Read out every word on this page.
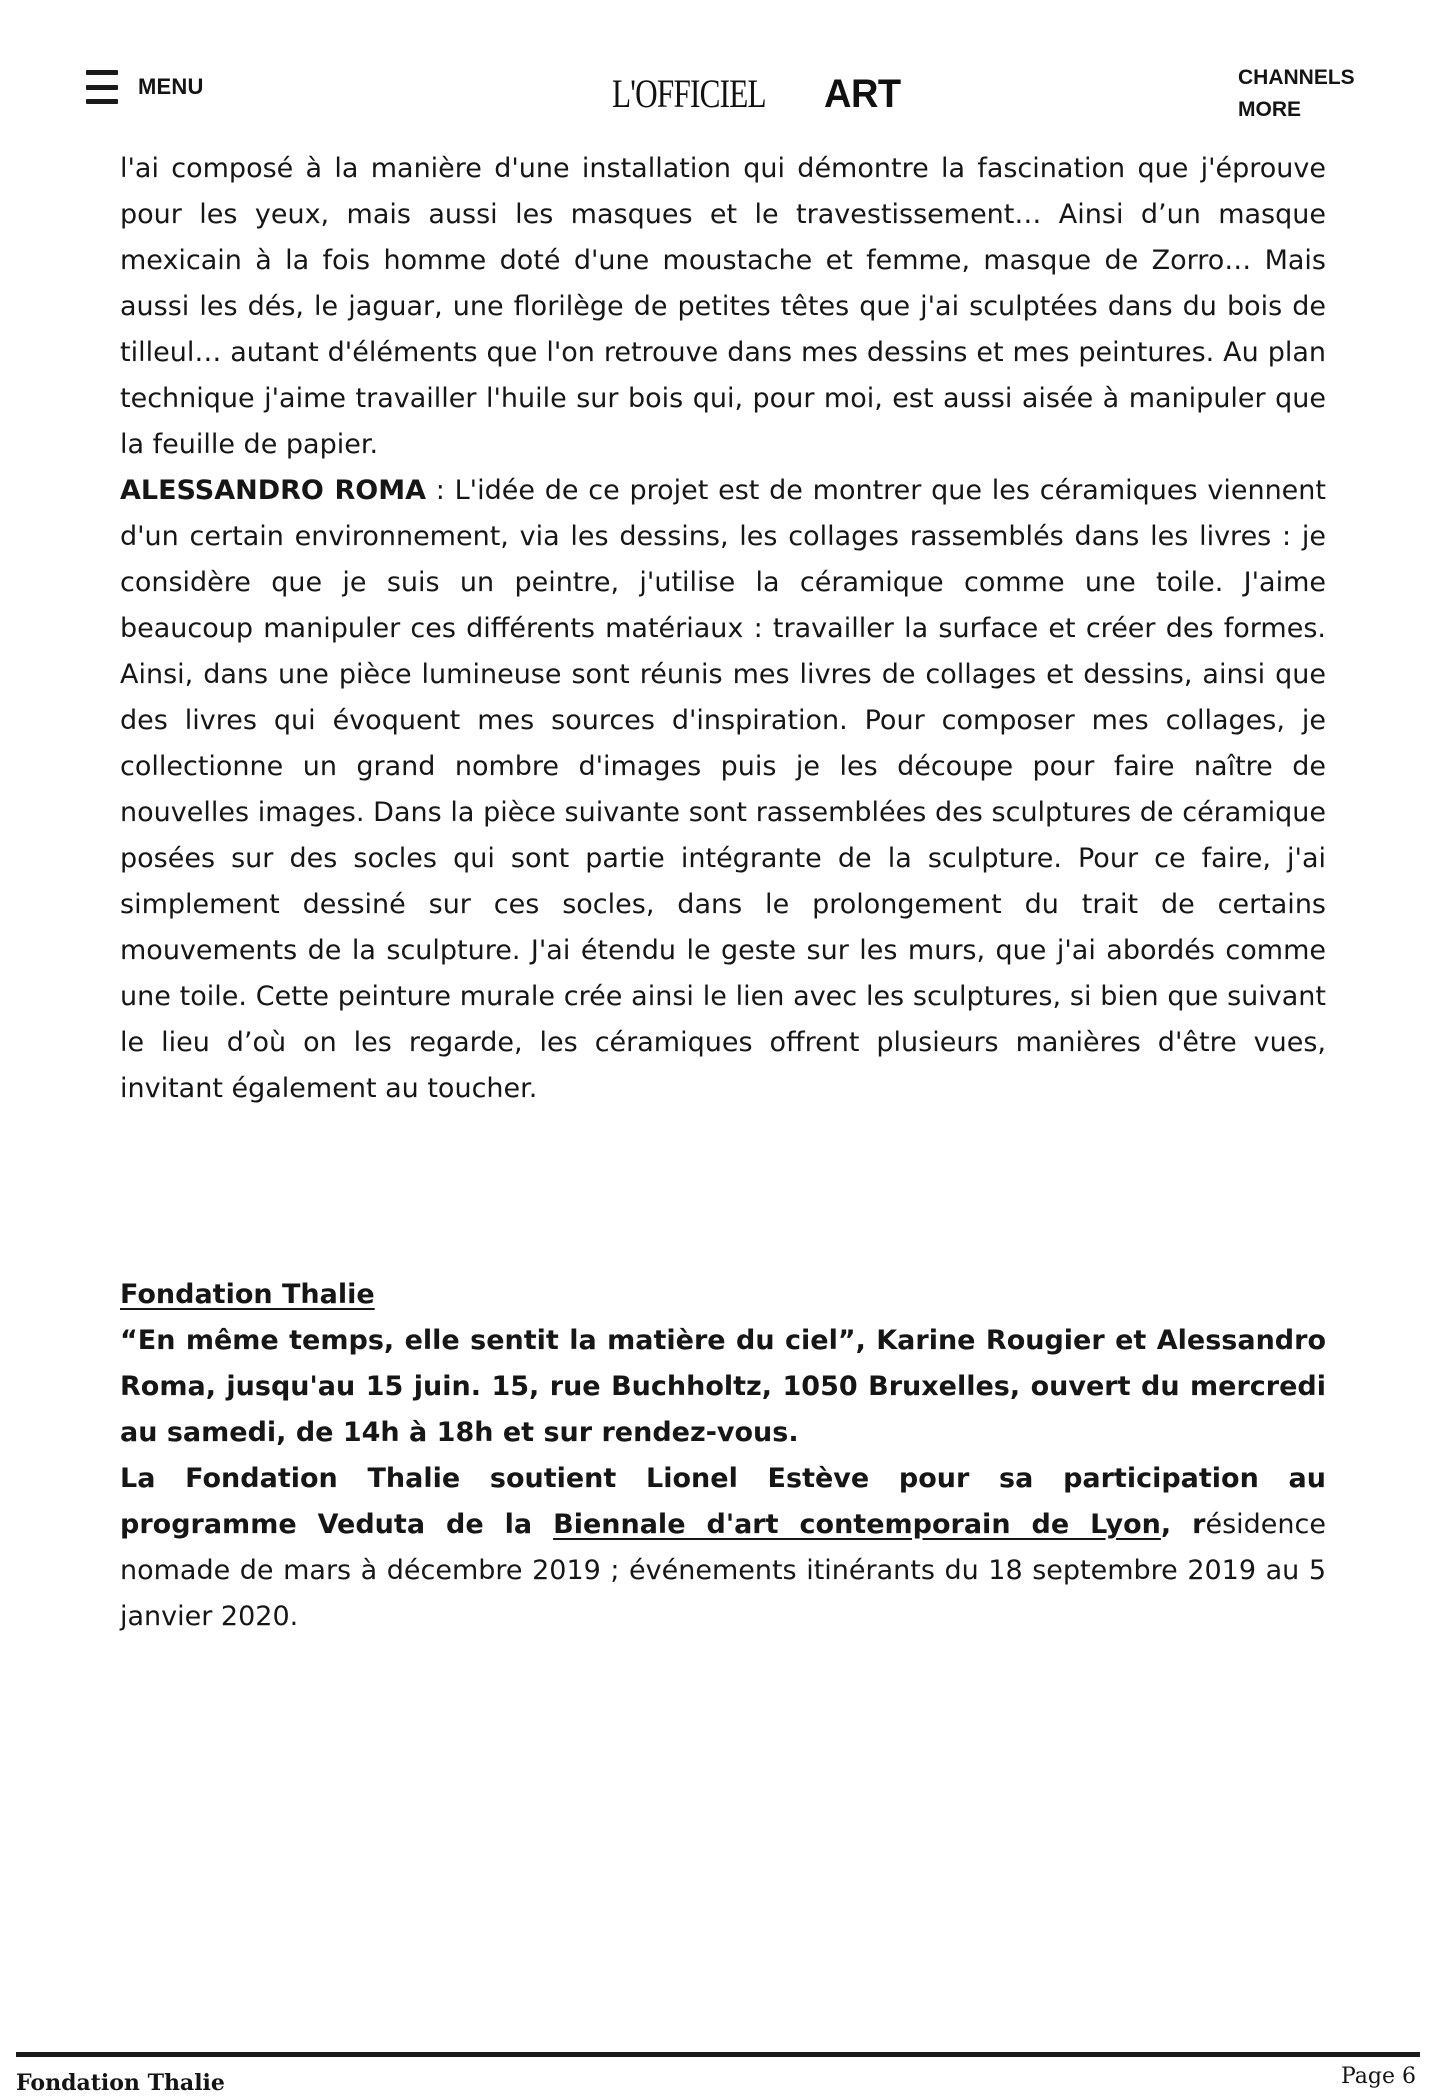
MENU	L'OFFICIEL ART	CHANNELS
MORE

l'ai composé à la manière d'une installation qui démontre la fascination que j'éprouve pour les yeux, mais aussi les masques et le travestissement… Ainsi d’un masque mexicain à la fois homme doté d'une moustache et femme, masque de Zorro… Mais aussi les dés, le jaguar, une florilège de petites têtes que j'ai sculptées dans du bois de tilleul… autant d'éléments que l'on retrouve dans mes dessins et mes peintures. Au plan technique j'aime travailler l'huile sur bois qui, pour moi, est aussi aisée à manipuler que la feuille de papier.

ALESSANDRO ROMA : L'idée de ce projet est de montrer que les céramiques viennent d'un certain environnement, via les dessins, les collages rassemblés dans les livres : je considère que je suis un peintre, j'utilise la céramique comme une toile. J'aime beaucoup manipuler ces différents matériaux : travailler la surface et créer des formes. Ainsi, dans une pièce lumineuse sont réunis mes livres de collages et dessins, ainsi que des livres qui évoquent mes sources d'inspiration. Pour composer mes collages, je collectionne un grand nombre d'images puis je les découpe pour faire naître de nouvelles images. Dans la pièce suivante sont rassemblées des sculptures de céramique posées sur des socles qui sont partie intégrante de la sculpture. Pour ce faire, j'ai simplement dessiné sur ces socles, dans le prolongement du trait de certains mouvements de la sculpture. J'ai étendu le geste sur les murs, que j'ai abordés comme une toile. Cette peinture murale crée ainsi le lien avec les sculptures, si bien que suivant le lieu d’où on les regarde, les céramiques offrent plusieurs manières d'être vues, invitant également au toucher.

Fondation Thalie

“En même temps, elle sentit la matière du ciel”, Karine Rougier et Alessandro Roma, jusqu'au 15 juin. 15, rue Buchholtz, 1050 Bruxelles, ouvert du mercredi au samedi, de 14h à 18h et sur rendez-vous.

La Fondation Thalie soutient Lionel Estève pour sa participation au programme Veduta de la Biennale d'art contemporain de Lyon, résidence nomade de mars à décembre 2019 ; événements itinérants du 18 septembre 2019 au 5 janvier 2020.

Fondation Thalie	Page 6
